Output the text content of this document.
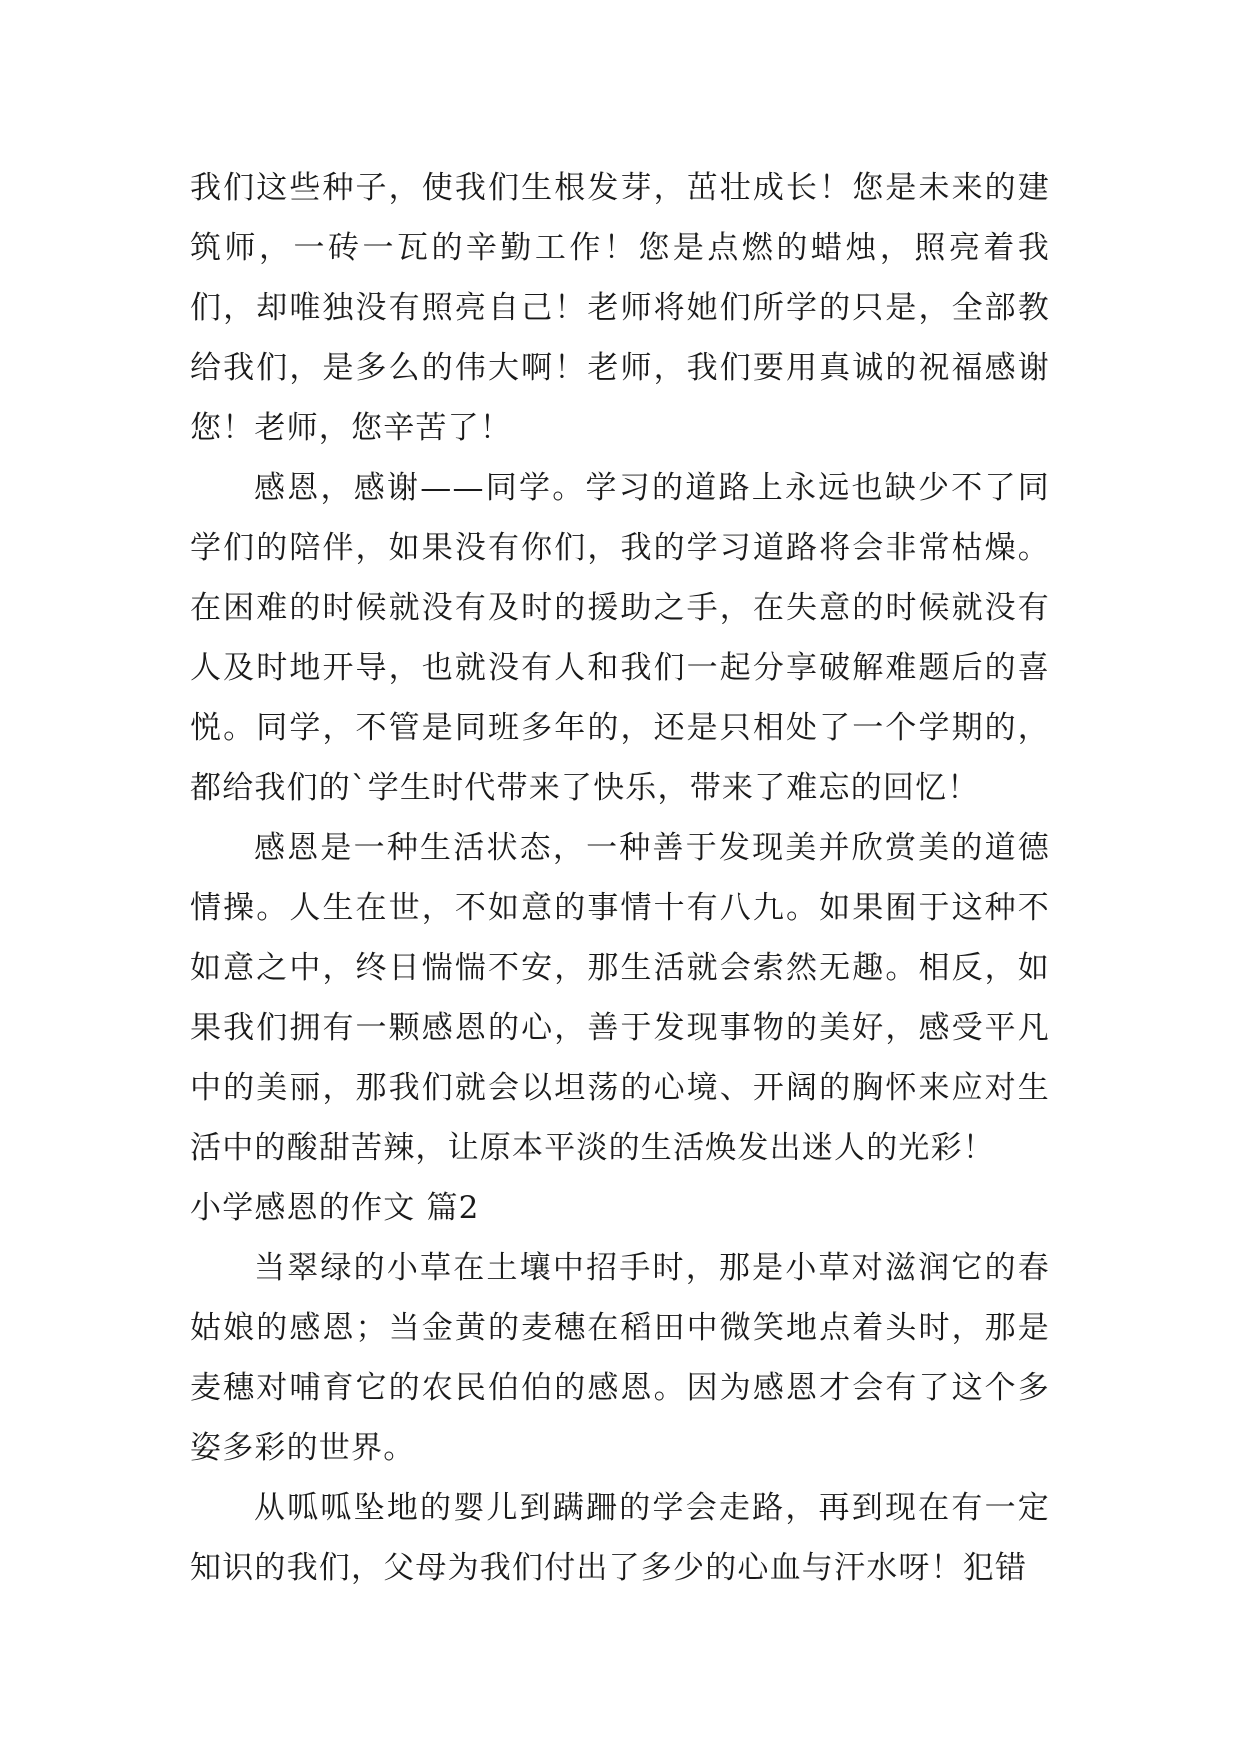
我们这些种子，使我们生根发芽，茁壮成长！您是未来的建筑师，一砖一瓦的辛勤工作！您是点燃的蜡烛，照亮着我们，却唯独没有照亮自己！老师将她们所学的只是，全部教给我们，是多么的伟大啊！老师，我们要用真诚的祝福感谢您！老师，您辛苦了！

感恩，感谢——同学。学习的道路上永远也缺少不了同学们的陪伴，如果没有你们，我的学习道路将会非常枯燥。在困难的时候就没有及时的援助之手，在失意的时候就没有人及时地开导，也就没有人和我们一起分享破解难题后的喜悦。同学，不管是同班多年的，还是只相处了一个学期的，都给我们的`学生时代带来了快乐，带来了难忘的回忆！

感恩是一种生活状态，一种善于发现美并欣赏美的道德情操。人生在世，不如意的事情十有八九。如果囿于这种不如意之中，终日惴惴不安，那生活就会索然无趣。相反，如果我们拥有一颗感恩的心，善于发现事物的美好，感受平凡中的美丽，那我们就会以坦荡的心境、开阔的胸怀来应对生活中的酸甜苦辣，让原本平淡的生活焕发出迷人的光彩！

小学感恩的作文 篇2

当翠绿的小草在土壤中招手时，那是小草对滋润它的春姑娘的感恩；当金黄的麦穗在稻田中微笑地点着头时，那是麦穗对哺育它的农民伯伯的感恩。因为感恩才会有了这个多姿多彩的世界。

从呱呱坠地的婴儿到蹒跚的学会走路，再到现在有一定知识的我们，父母为我们付出了多少的心血与汗水呀！犯错
